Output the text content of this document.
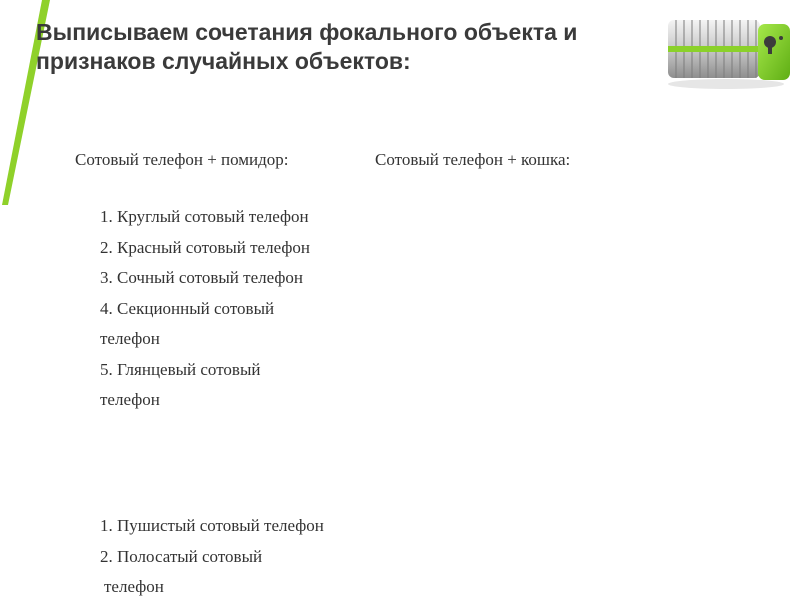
Выписываем сочетания фокального объекта и
признаков случайных объектов:
Сотовый телефон + помидор:	Сотовый телефон + кошка:
1. Круглый сотовый телефон
2. Красный сотовый телефон
3. Сочный сотовый телефон
4. Секционный сотовый
телефон
5. Глянцевый сотовый
телефон
1. Пушистый сотовый телефон
2. Полосатый сотовый
телефон
